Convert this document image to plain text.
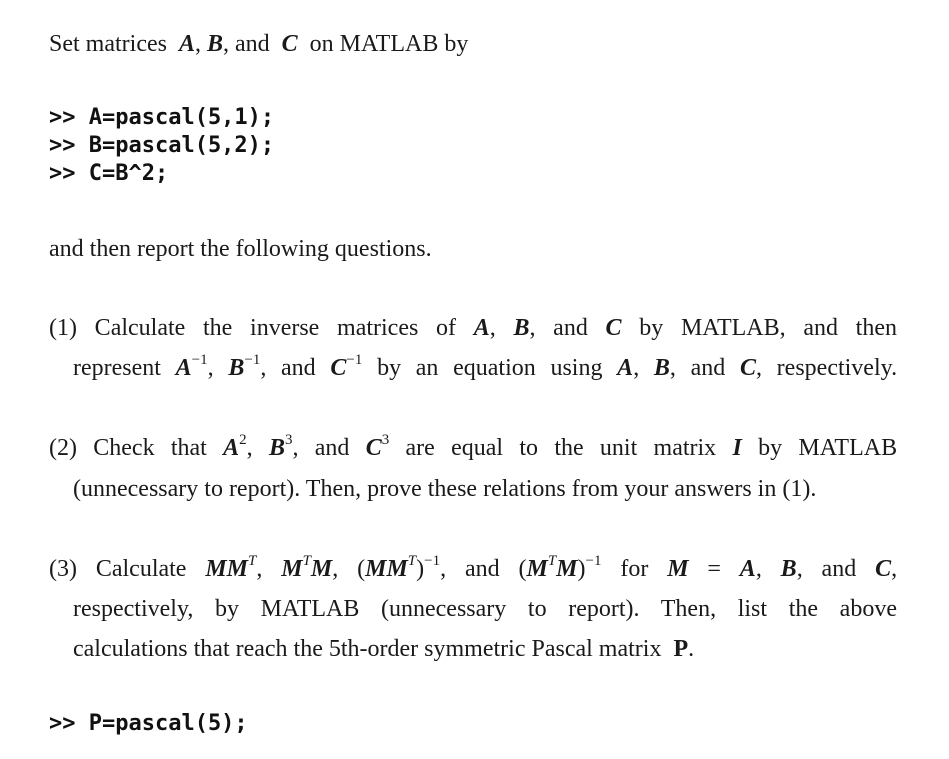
Set matrices A, B, and C on MATLAB by
>> A=pascal(5,1);
>> B=pascal(5,2);
>> C=B^2;
and then report the following questions.
(1) Calculate the inverse matrices of A, B, and C by MATLAB, and then
represent $A^{-1}$, $B^{-1}$, and $C^{-1}$ by an equation using A, B, and C, respectively.
(2) Check that $A^2$, $B^3$, and $C^3$ are equal to the unit matrix I by MATLAB
(unnecessary to report). Then, prove these relations from your answers in (1).
(3) Calculate $MM^T$, $M^TM$, $(MM^T)^{-1}$, and $(M^TM)^{-1}$ for M = A, B, and C,
respectively, by MATLAB (unnecessary to report). Then, list the above
calculations that reach the 5th-order symmetric Pascal matrix P.
>> P=pascal(5);
